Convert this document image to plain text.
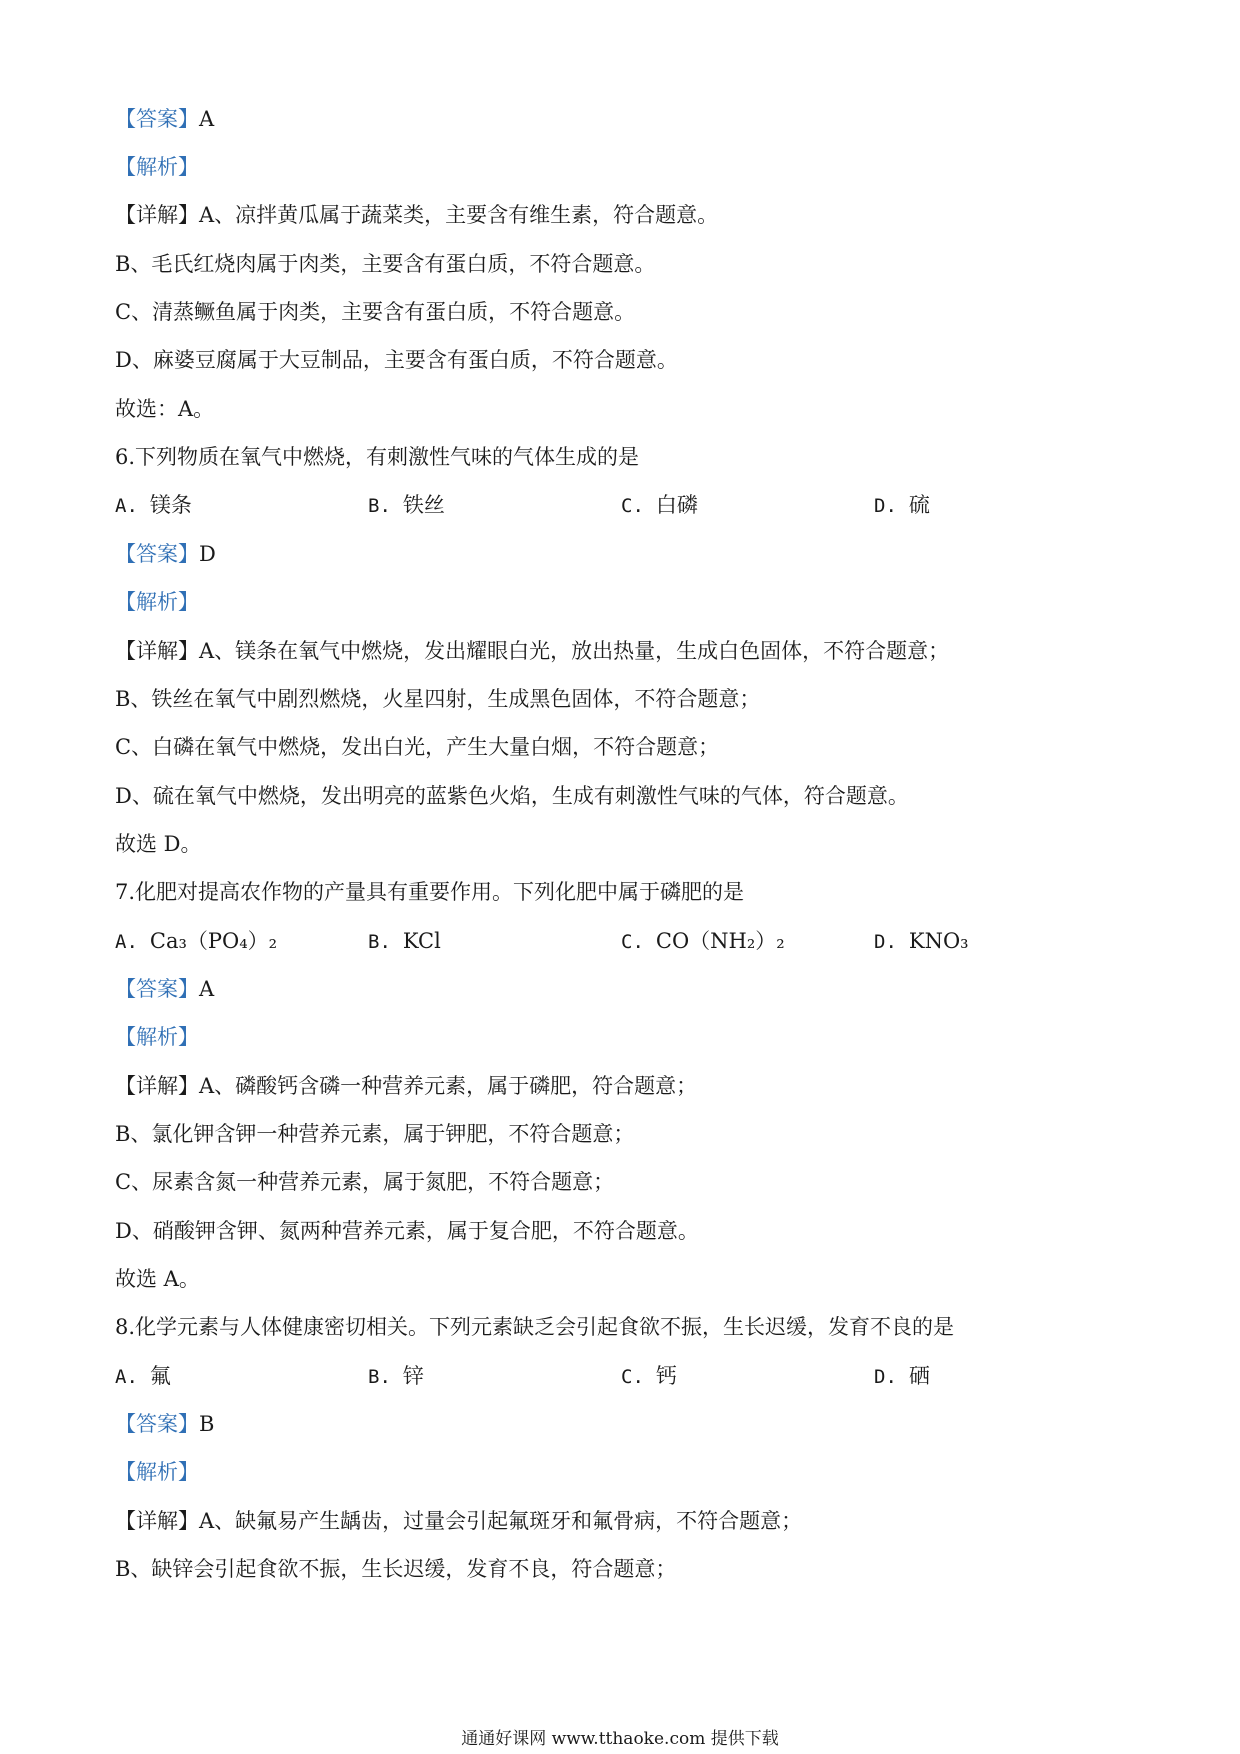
【答案】A
【解析】
【详解】A、凉拌黄瓜属于蔬菜类，主要含有维生素，符合题意。
B、毛氏红烧肉属于肉类，主要含有蛋白质，不符合题意。
C、清蒸鳜鱼属于肉类，主要含有蛋白质，不符合题意。
D、麻婆豆腐属于大豆制品，主要含有蛋白质，不符合题意。
故选：A。
6.下列物质在氧气中燃烧，有刺激性气味的气体生成的是
A. 镁条	B. 铁丝	C. 白磷	D. 硫
【答案】D
【解析】
【详解】A、镁条在氧气中燃烧，发出耀眼白光，放出热量，生成白色固体，不符合题意；
B、铁丝在氧气中剧烈燃烧，火星四射，生成黑色固体，不符合题意；
C、白磷在氧气中燃烧，发出白光，产生大量白烟，不符合题意；
D、硫在氧气中燃烧，发出明亮的蓝紫色火焰，生成有刺激性气味的气体，符合题意。
故选 D。
7.化肥对提高农作物的产量具有重要作用。下列化肥中属于磷肥的是
A. Ca₃（PO₄）₂	B. KCl	C. CO（NH₂）₂	D. KNO₃
【答案】A
【解析】
【详解】A、磷酸钙含磷一种营养元素，属于磷肥，符合题意；
B、氯化钾含钾一种营养元素，属于钾肥，不符合题意；
C、尿素含氮一种营养元素，属于氮肥，不符合题意；
D、硝酸钾含钾、氮两种营养元素，属于复合肥，不符合题意。
故选 A。
8.化学元素与人体健康密切相关。下列元素缺乏会引起食欲不振，生长迟缓，发育不良的是
A. 氟	B. 锌	C. 钙	D. 硒
【答案】B
【解析】
【详解】A、缺氟易产生龋齿，过量会引起氟斑牙和氟骨病，不符合题意；
B、缺锌会引起食欲不振，生长迟缓，发育不良，符合题意；
通通好课网 www.tthaoke.com 提供下载
